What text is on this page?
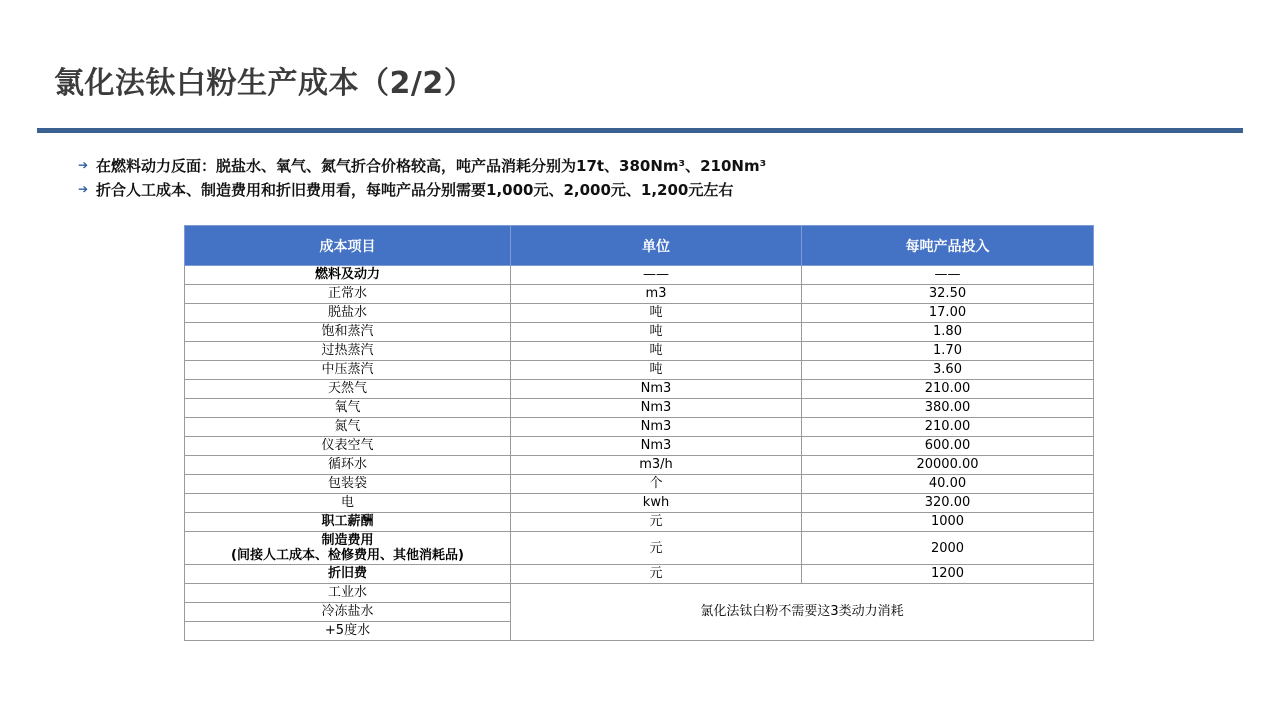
氯化法钛白粉生产成本（2/2）
➔ 在燃料动力反面：脱盐水、氧气、氮气折合价格较高，吨产品消耗分别为17t、380Nm³、210Nm³
➔ 折合人工成本、制造费用和折旧费用看，每吨产品分别需要1,000元、2,000元、1,200元左右
成本项目	单位	每吨产品投入
燃料及动力	——	——
正常水	m3	32.50
脱盐水	吨	17.00
饱和蒸汽	吨	1.80
过热蒸汽	吨	1.70
中压蒸汽	吨	3.60
天然气	Nm3	210.00
氧气	Nm3	380.00
氮气	Nm3	210.00
仪表空气	Nm3	600.00
循环水	m3/h	20000.00
包装袋	个	40.00
电	kwh	320.00
职工薪酬	元	1000

制造费用
(间接人工成本、检修费用、其他消耗品)	元	2000
折旧费	元	1200
工业水	氯化法钛白粉不需要这3类动力消耗	
冷冻盐水		
+5度水		
